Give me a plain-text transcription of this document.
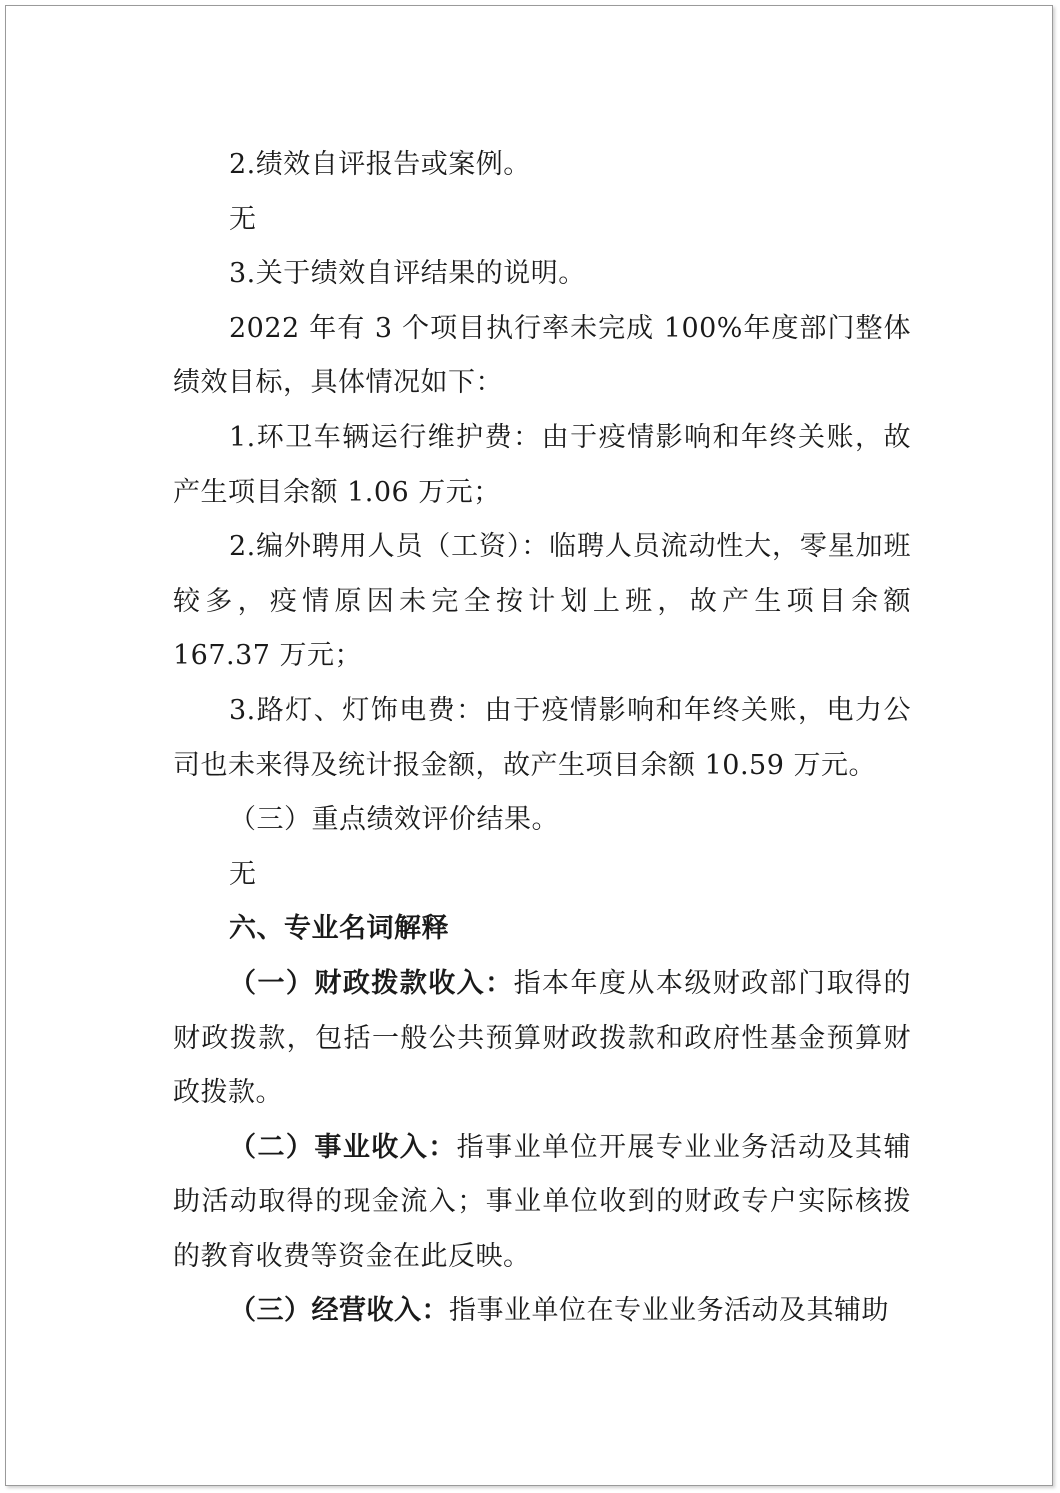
2.绩效自评报告或案例。

无

3.关于绩效自评结果的说明。

2022 年有 3 个项目执行率未完成 100%年度部门整体绩效目标，具体情况如下：

1.环卫车辆运行维护费：由于疫情影响和年终关账，故产生项目余额 1.06 万元；

2.编外聘用人员（工资）：临聘人员流动性大，零星加班较多，疫情原因未完全按计划上班，故产生项目余额 167.37 万元；

3.路灯、灯饰电费：由于疫情影响和年终关账，电力公司也未来得及统计报金额，故产生项目余额 10.59 万元。

（三）重点绩效评价结果。

无

六、专业名词解释

（一）财政拨款收入：指本年度从本级财政部门取得的财政拨款，包括一般公共预算财政拨款和政府性基金预算财政拨款。

（二）事业收入：指事业单位开展专业业务活动及其辅助活动取得的现金流入；事业单位收到的财政专户实际核拨的教育收费等资金在此反映。

（三）经营收入：指事业单位在专业业务活动及其辅助
